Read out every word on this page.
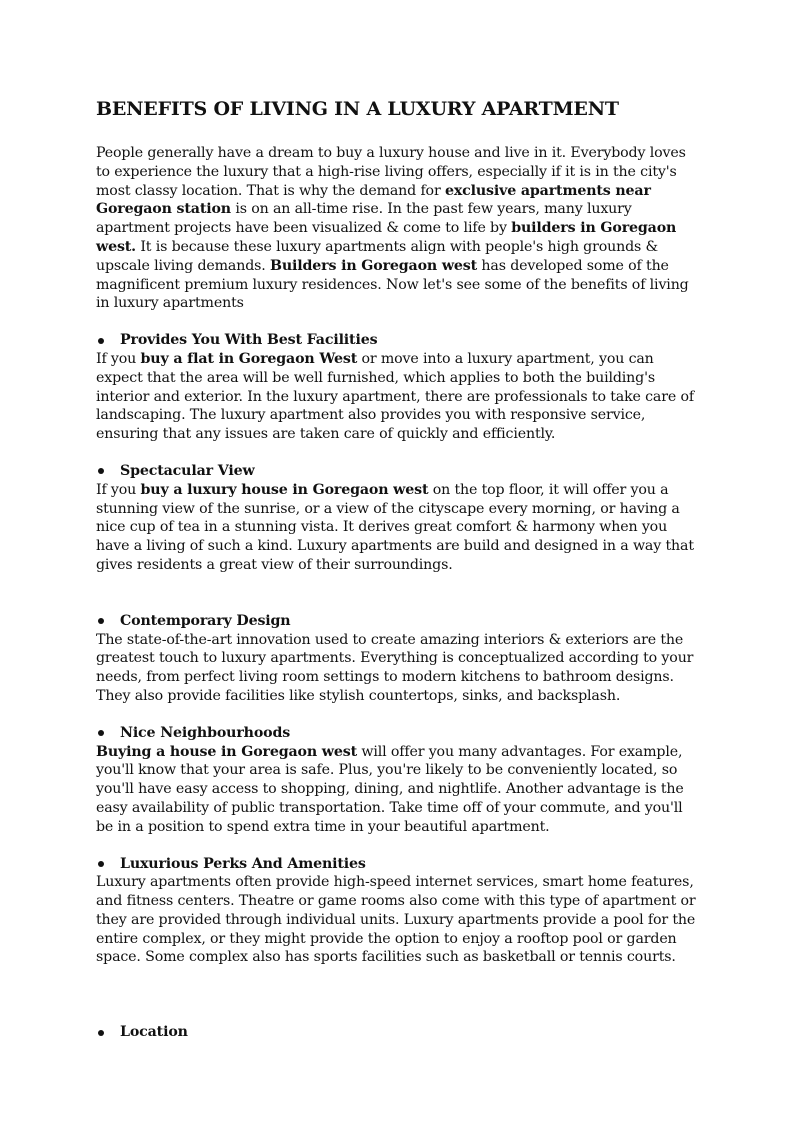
BENEFITS OF LIVING IN A LUXURY APARTMENT

People generally have a dream to buy a luxury house and live in it. Everybody loves to experience the luxury that a high-rise living offers, especially if it is in the city's most classy location. That is why the demand for exclusive apartments near Goregaon station is on an all-time rise. In the past few years, many luxury apartment projects have been visualized & come to life by builders in Goregaon west. It is because these luxury apartments align with people's high grounds & upscale living demands. Builders in Goregaon west has developed some of the magnificent premium luxury residences. Now let's see some of the benefits of living in luxury apartments

Provides You With Best Facilities

If you buy a flat in Goregaon West or move into a luxury apartment, you can expect that the area will be well furnished, which applies to both the building's interior and exterior. In the luxury apartment, there are professionals to take care of landscaping. The luxury apartment also provides you with responsive service, ensuring that any issues are taken care of quickly and efficiently.

Spectacular View

If you buy a luxury house in Goregaon west on the top floor, it will offer you a stunning view of the sunrise, or a view of the cityscape every morning, or having a nice cup of tea in a stunning vista. It derives great comfort & harmony when you have a living of such a kind. Luxury apartments are build and designed in a way that gives residents a great view of their surroundings.

Contemporary Design

The state-of-the-art innovation used to create amazing interiors & exteriors are the greatest touch to luxury apartments. Everything is conceptualized according to your needs, from perfect living room settings to modern kitchens to bathroom designs. They also provide facilities like stylish countertops, sinks, and backsplash.

Nice Neighbourhoods

Buying a house in Goregaon west will offer you many advantages. For example, you'll know that your area is safe. Plus, you're likely to be conveniently located, so you'll have easy access to shopping, dining, and nightlife. Another advantage is the easy availability of public transportation. Take time off of your commute, and you'll be in a position to spend extra time in your beautiful apartment.

Luxurious Perks And Amenities

Luxury apartments often provide high-speed internet services, smart home features, and fitness centers. Theatre or game rooms also come with this type of apartment or they are provided through individual units. Luxury apartments provide a pool for the entire complex, or they might provide the option to enjoy a rooftop pool or garden space. Some complex also has sports facilities such as basketball or tennis courts.

Location
